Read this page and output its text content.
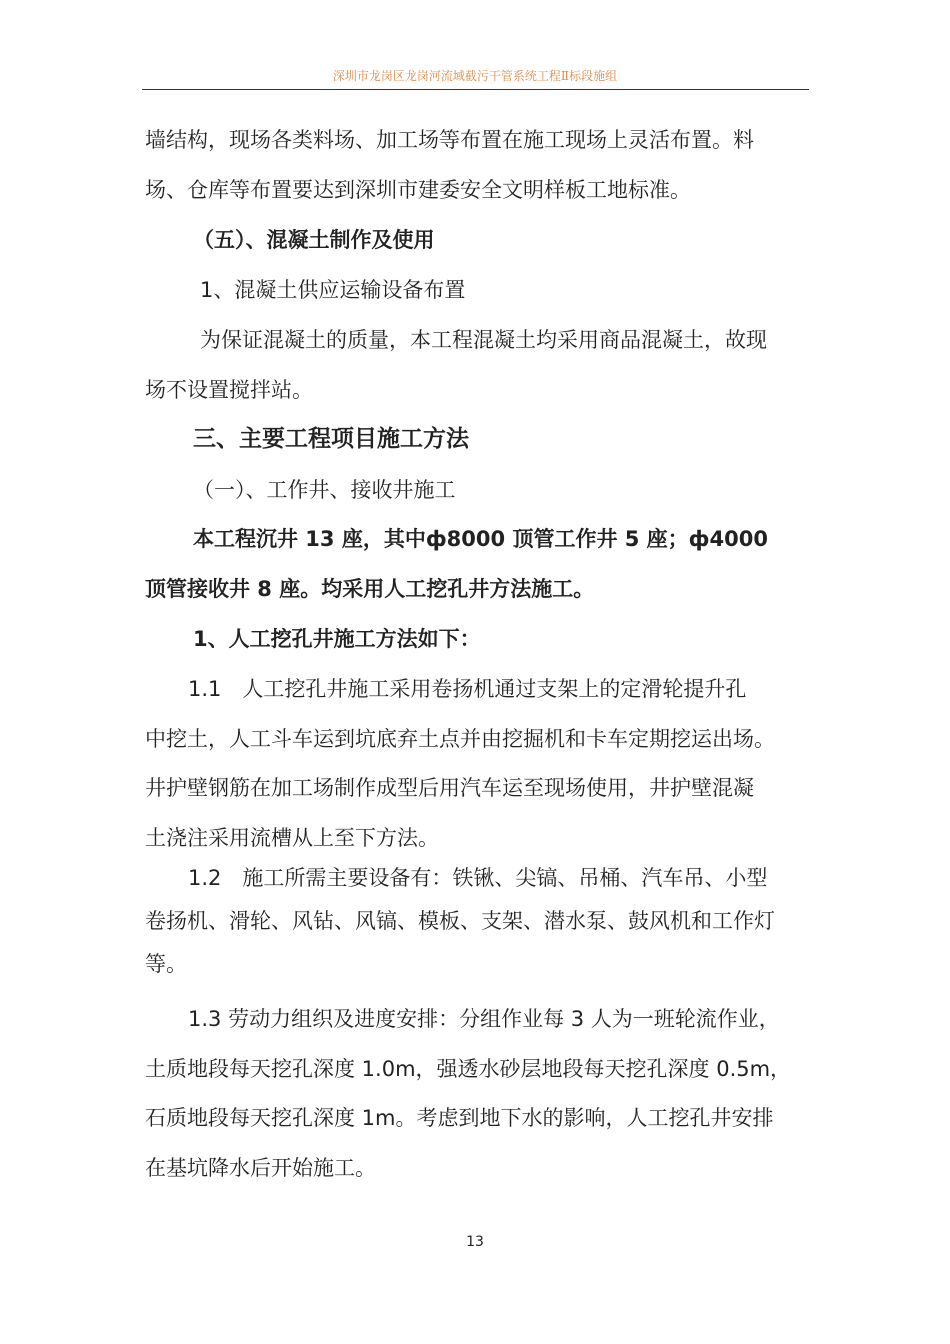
深圳市龙岗区龙岗河流域截污干管系统工程Ⅱ标段施组
墙结构，现场各类料场、加工场等布置在施工现场上灵活布置。料
场、仓库等布置要达到深圳市建委安全文明样板工地标准。
（五）、混凝土制作及使用
1、混凝土供应运输设备布置
为保证混凝土的质量，本工程混凝土均采用商品混凝土，故现
场不设置搅拌站。
三、主要工程项目施工方法
（一）、工作井、接收井施工
本工程沉井 13 座，其中ф8000 顶管工作井 5 座；ф4000
顶管接收井 8 座。均采用人工挖孔井方法施工。
1、人工挖孔井施工方法如下：
1.1　人工挖孔井施工采用卷扬机通过支架上的定滑轮提升孔
中挖土，人工斗车运到坑底弃土点并由挖掘机和卡车定期挖运出场。
井护壁钢筋在加工场制作成型后用汽车运至现场使用，井护壁混凝
土浇注采用流槽从上至下方法。
1.2　施工所需主要设备有：铁锹、尖镐、吊桶、汽车吊、小型
卷扬机、滑轮、风钻、风镐、模板、支架、潜水泵、鼓风机和工作灯
等。
1.3 劳动力组织及进度安排：分组作业每 3 人为一班轮流作业，
土质地段每天挖孔深度 1.0m，强透水砂层地段每天挖孔深度 0.5m，
石质地段每天挖孔深度 1m。考虑到地下水的影响，人工挖孔井安排
在基坑降水后开始施工。
13
